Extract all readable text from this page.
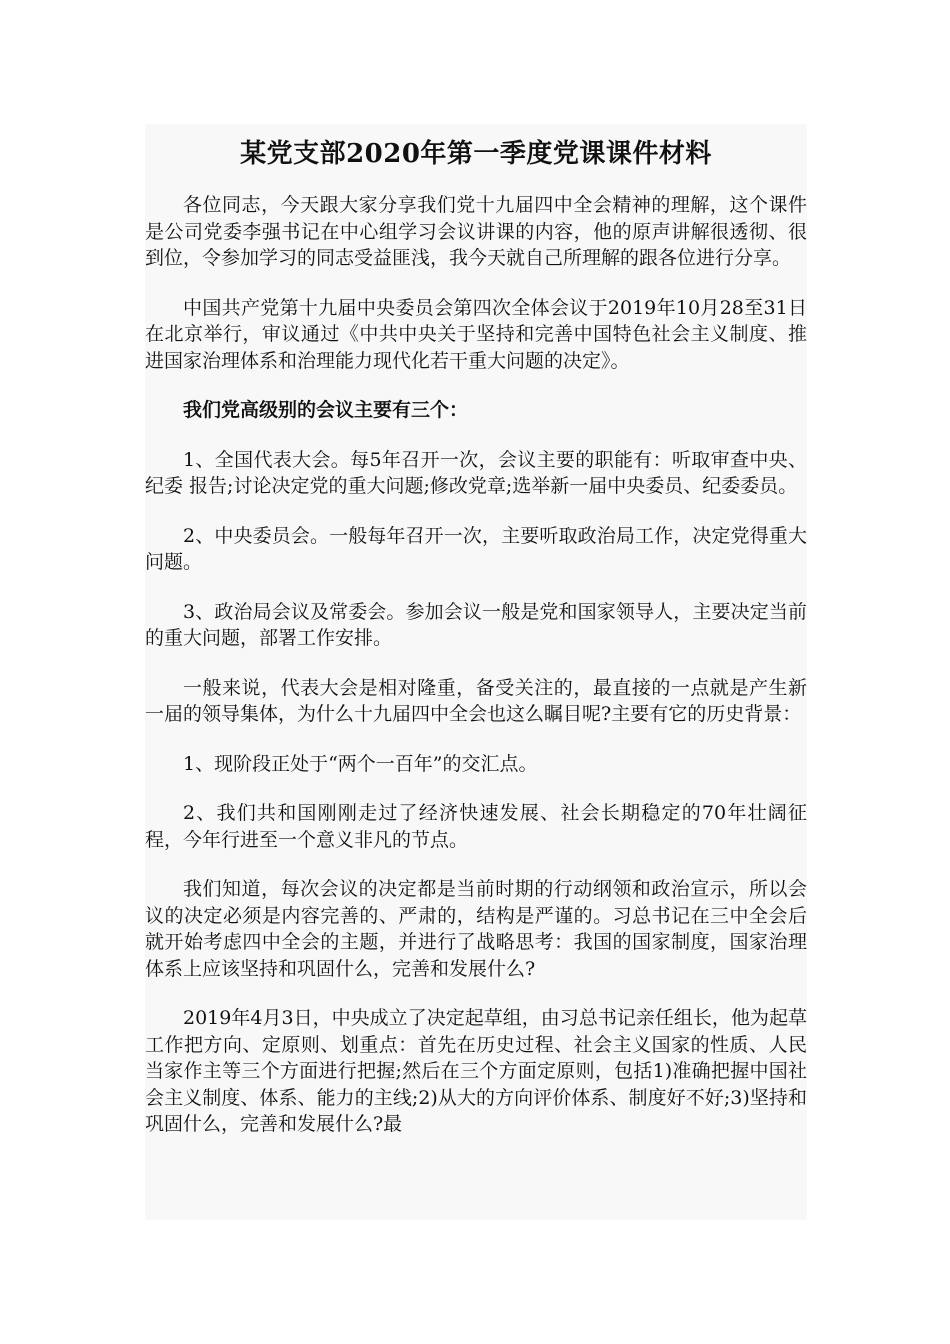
某党支部2020年第一季度党课课件材料

各位同志，今天跟大家分享我们党十九届四中全会精神的理解，这个课件是公司党委李强书记在中心组学习会议讲课的内容，他的原声讲解很透彻、很到位，令参加学习的同志受益匪浅，我今天就自己所理解的跟各位进行分享。

中国共产党第十九届中央委员会第四次全体会议于2019年10月28至31日在北京举行，审议通过《中共中央关于坚持和完善中国特色社会主义制度、推进国家治理体系和治理能力现代化若干重大问题的决定》。

我们党高级别的会议主要有三个：

1、全国代表大会。每5年召开一次，会议主要的职能有：听取审查中央、纪委 报告;讨论决定党的重大问题;修改党章;选举新一届中央委员、纪委委员。

2、中央委员会。一般每年召开一次，主要听取政治局工作，决定党得重大问题。

3、政治局会议及常委会。参加会议一般是党和国家领导人，主要决定当前的重大问题，部署工作安排。

一般来说，代表大会是相对隆重，备受关注的，最直接的一点就是产生新一届的领导集体，为什么十九届四中全会也这么瞩目呢?主要有它的历史背景：

1、现阶段正处于“两个一百年”的交汇点。

2、我们共和国刚刚走过了经济快速发展、社会长期稳定的70年壮阔征程，今年行进至一个意义非凡的节点。

我们知道，每次会议的决定都是当前时期的行动纲领和政治宣示，所以会议的决定必须是内容完善的、严肃的，结构是严谨的。习总书记在三中全会后就开始考虑四中全会的主题，并进行了战略思考：我国的国家制度，国家治理体系上应该坚持和巩固什么，完善和发展什么?

2019年4月3日，中央成立了决定起草组，由习总书记亲任组长，他为起草工作把方向、定原则、划重点：首先在历史过程、社会主义国家的性质、人民当家作主等三个方面进行把握;然后在三个方面定原则，包括1)准确把握中国社会主义制度、体系、能力的主线;2)从大的方向评价体系、制度好不好;3)坚持和巩固什么，完善和发展什么?最
